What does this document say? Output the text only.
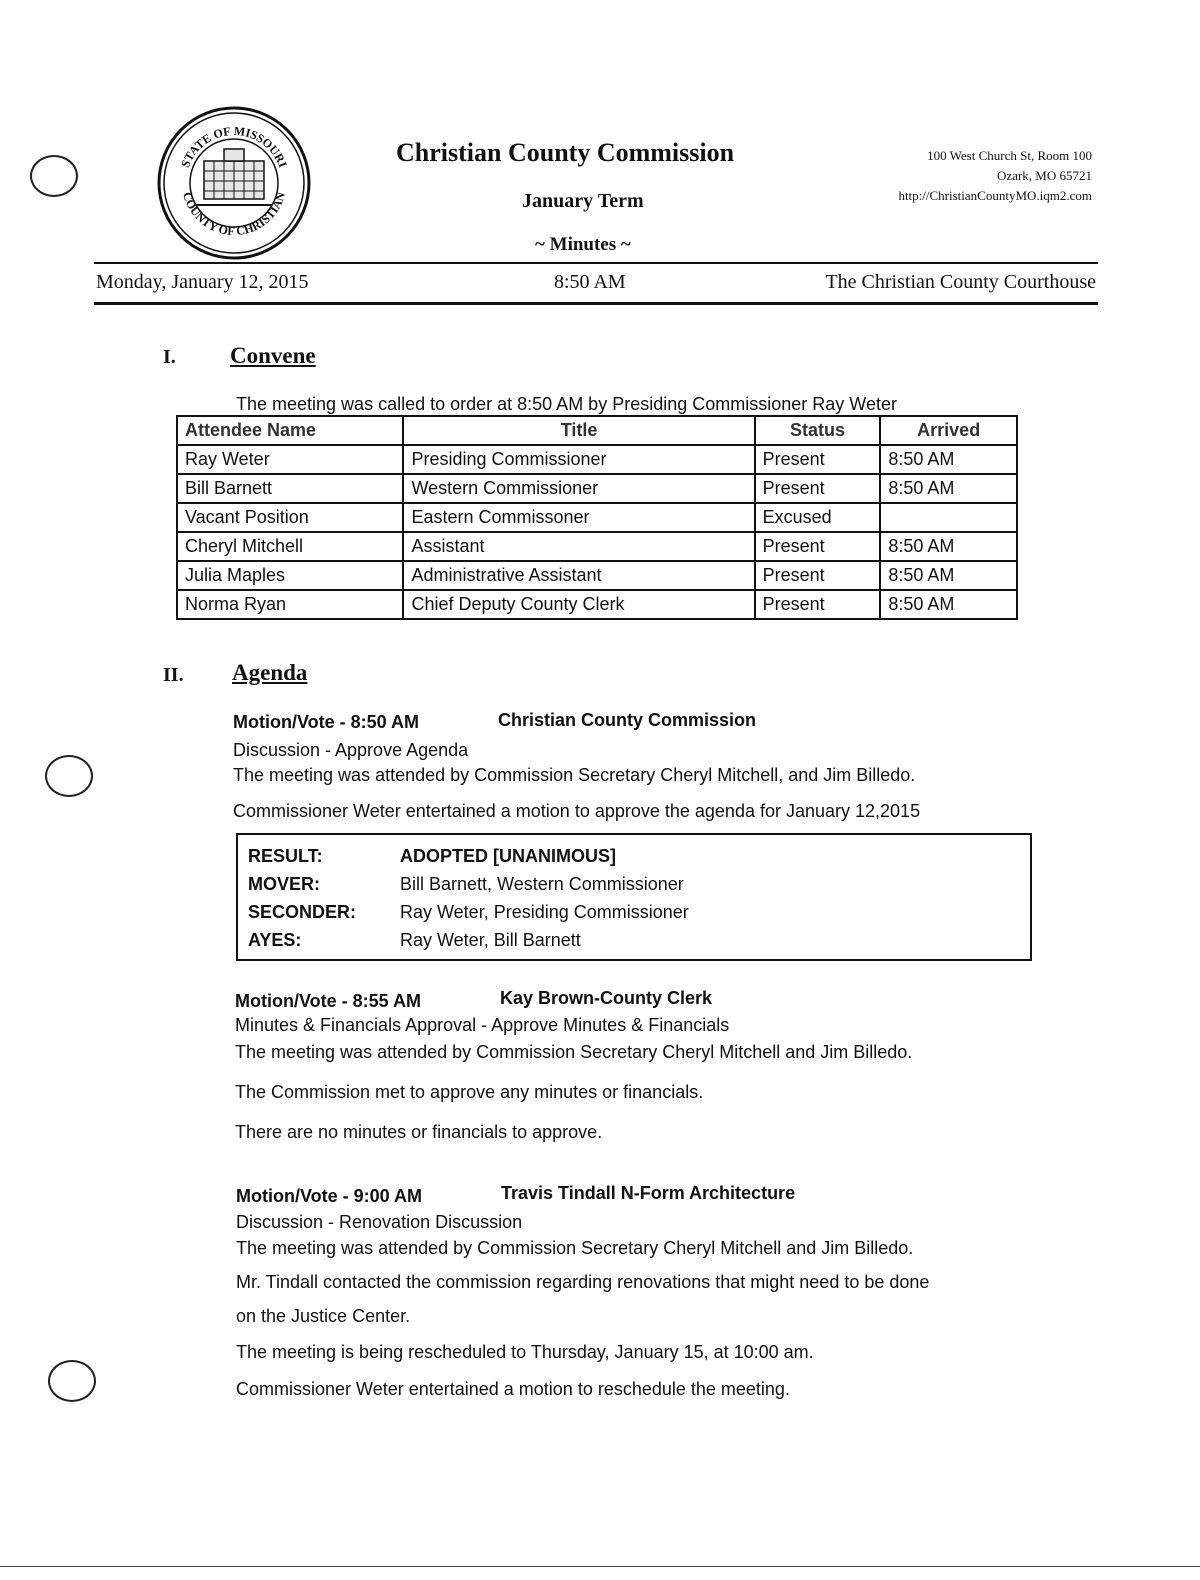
STATE OF MISSOURI
COUNTY OF CHRISTIAN
Christian County Commission
January Term
~ Minutes ~
100 West Church St, Room 100
Ozark, MO 65721
http://ChristianCountyMO.iqm2.com
Monday, January 12, 2015	8:50 AM	The Christian County Courthouse
I. Convene
The meeting was called to order at 8:50 AM by Presiding Commissioner Ray Weter
Attendee Name	Title	Status	Arrived
Ray Weter	Presiding Commissioner	Present	8:50 AM
Bill Barnett	Western Commissioner	Present	8:50 AM
Vacant Position	Eastern Commissoner	Excused	
Cheryl Mitchell	Assistant	Present	8:50 AM
Julia Maples	Administrative Assistant	Present	8:50 AM
Norma Ryan	Chief Deputy County Clerk	Present	8:50 AM
II. Agenda
Motion/Vote - 8:50 AM	Christian County Commission
Discussion - Approve Agenda
The meeting was attended by Commission Secretary Cheryl Mitchell, and Jim Billedo.
Commissioner Weter entertained a motion to approve the agenda for January 12,2015
RESULT:	ADOPTED [UNANIMOUS]
MOVER:	Bill Barnett, Western Commissioner
SECONDER: Ray Weter, Presiding Commissioner
AYES:	Ray Weter, Bill Barnett
Motion/Vote - 8:55 AM	Kay Brown-County Clerk
Minutes & Financials Approval - Approve Minutes & Financials
The meeting was attended by Commission Secretary Cheryl Mitchell and Jim Billedo.
The Commission met to approve any minutes or financials.
There are no minutes or financials to approve.
Motion/Vote - 9:00 AM	Travis Tindall N-Form Architecture
Discussion - Renovation Discussion
The meeting was attended by Commission Secretary Cheryl Mitchell and Jim Billedo.
Mr. Tindall contacted the commission regarding renovations that might need to be done
on the Justice Center.
The meeting is being rescheduled to Thursday, January 15, at 10:00 am.
Commissioner Weter entertained a motion to reschedule the meeting.
